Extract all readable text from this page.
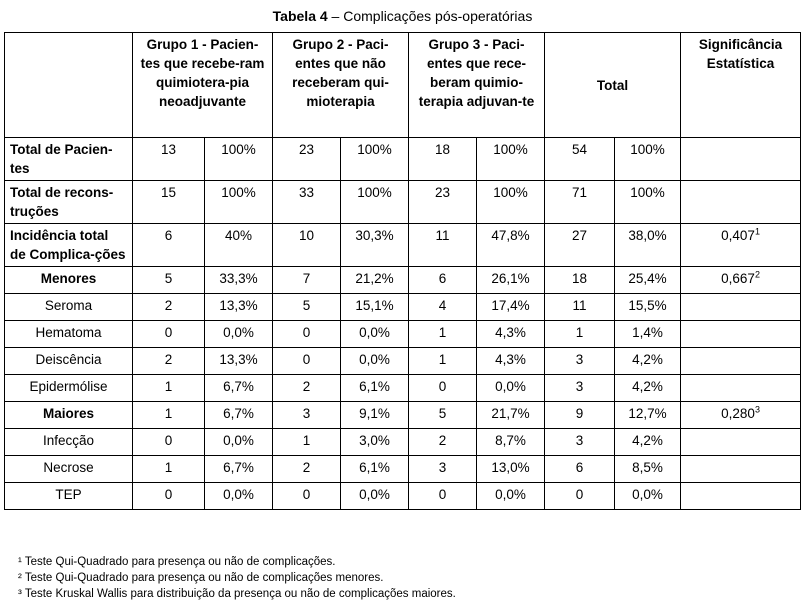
Tabela 4 – Complicações pós-operatórias
	Grupo 1 - Pacien-tes que recebe-ram quimiotera-pia neoadjuvante		Grupo 2 - Paci-entes que não receberam qui-mioterapia		Grupo 3 - Paci-entes que rece-beram quimio-terapia adjuvan-te		Total		Significância Estatística
Total de Pacien-tes	13	100%	23	100%	18	100%	54	100%	
Total de recons-truções	15	100%	33	100%	23	100%	71	100%	
Incidência total de Complica-ções	6	40%	10	30,3%	11	47,8%	27	38,0%	0,407$^1$
Menores	5	33,3%	7	21,2%	6	26,1%	18	25,4%	0,667$^2$
Seroma	2	13,3%	5	15,1%	4	17,4%	11	15,5%	
Hematoma	0	0,0%	0	0,0%	1	4,3%	1	1,4%	
Deiscência	2	13,3%	0	0,0%	1	4,3%	3	4,2%	
Epidermólise	1	6,7%	2	6,1%	0	0,0%	3	4,2%	
Maiores	1	6,7%	3	9,1%	5	21,7%	9	12,7%	0,280$^3$
Infecção	0	0,0%	1	3,0%	2	8,7%	3	4,2%	
Necrose	1	6,7%	2	6,1%	3	13,0%	6	8,5%	
TEP	0	0,0%	0	0,0%	0	0,0%	0	0,0%	
¹ Teste Qui-Quadrado para presença ou não de complicações.
² Teste Qui-Quadrado para presença ou não de complicações menores.
³ Teste Kruskal Wallis para distribuição da presença ou não de complicações maiores.
